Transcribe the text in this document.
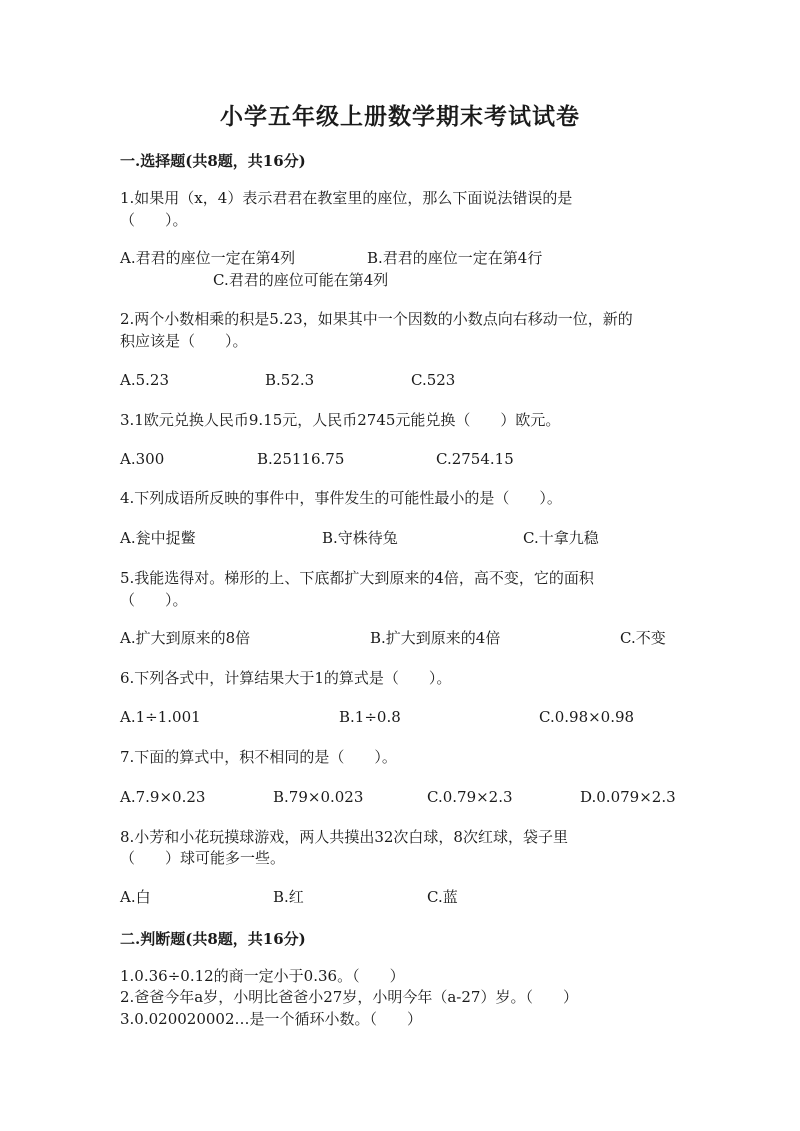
小学五年级上册数学期末考试试卷
一.选择题(共8题，共16分)
1.如果用（x，4）表示君君在教室里的座位，那么下面说法错误的是
（　　）。
A.君君的座位一定在第4列	B.君君的座位一定在第4行
C.君君的座位可能在第4列
2.两个小数相乘的积是5.23，如果其中一个因数的小数点向右移动一位，新的
积应该是（　　）。
A.5.23	B.52.3	C.523
3.1欧元兑换人民币9.15元，人民币2745元能兑换（　　）欧元。
A.300	B.25116.75	C.2754.15
4.下列成语所反映的事件中，事件发生的可能性最小的是（　　）。
A.瓮中捉鳖	B.守株待兔	C.十拿九稳
5.我能选得对。梯形的上、下底都扩大到原来的4倍，高不变，它的面积
（　　）。
A.扩大到原来的8倍	B.扩大到原来的4倍	C.不变
6.下列各式中，计算结果大于1的算式是（　　）。
A.1÷1.001	B.1÷0.8	C.0.98×0.98
7.下面的算式中，积不相同的是（　　）。
A.7.9×0.23	B.79×0.023	C.0.79×2.3	D.0.079×2.3
8.小芳和小花玩摸球游戏，两人共摸出32次白球，8次红球，袋子里
（　　）球可能多一些。
A.白	B.红	C.蓝
二.判断题(共8题，共16分)
1.0.36÷0.12的商一定小于0.36。（　　）
2.爸爸今年a岁，小明比爸爸小27岁，小明今年（a-27）岁。（　　）
3.0.020020002…是一个循环小数。（　　）
